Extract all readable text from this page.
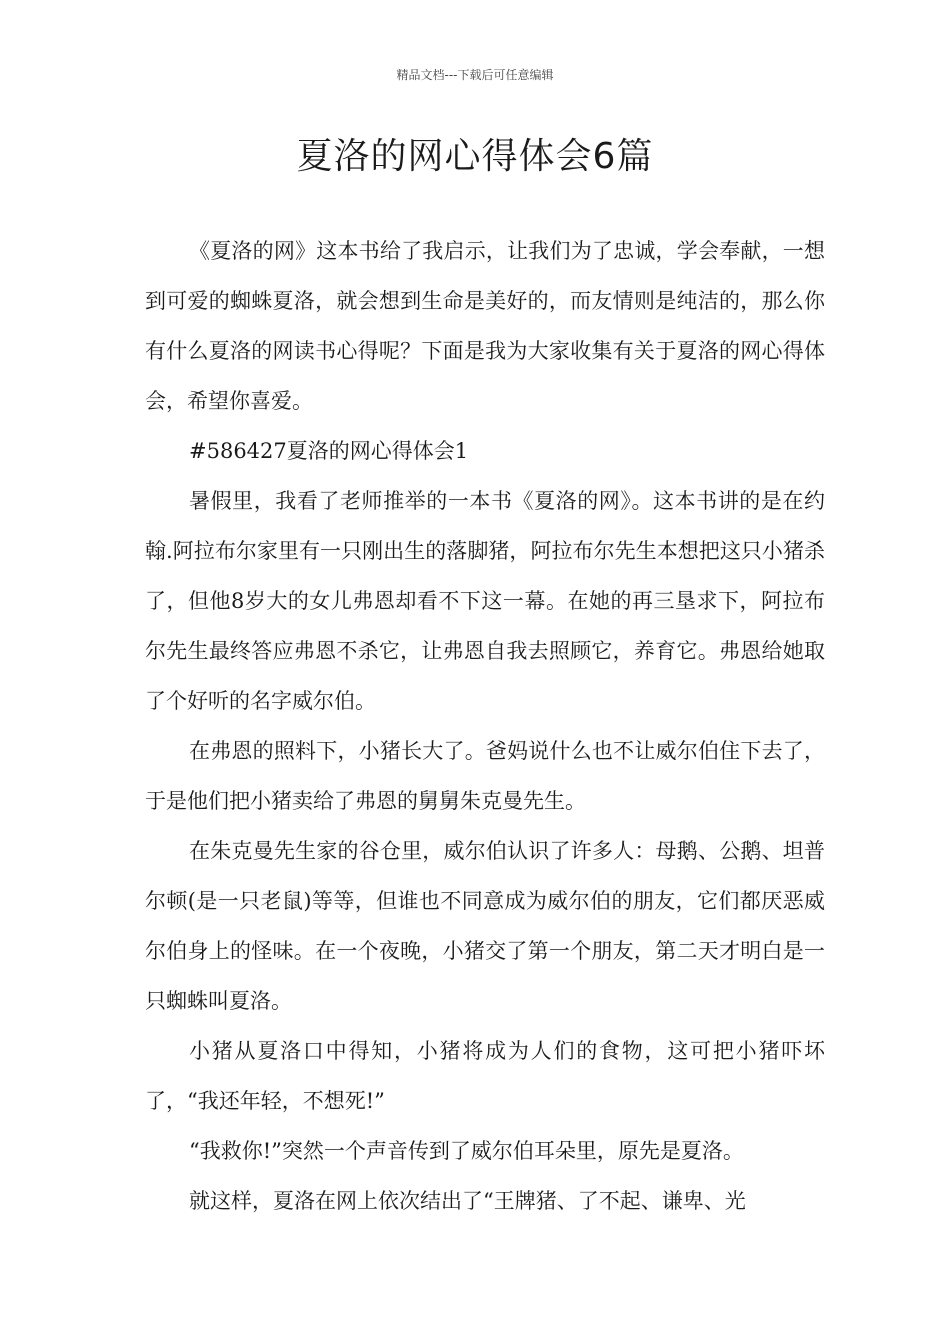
精品文档---下载后可任意编辑
夏洛的网心得体会6篇

《夏洛的网》这本书给了我启示，让我们为了忠诚，学会奉献，一想到可爱的蜘蛛夏洛，就会想到生命是美好的，而友情则是纯洁的，那么你有什么夏洛的网读书心得呢？下面是我为大家收集有关于夏洛的网心得体会，希望你喜爱。

#586427夏洛的网心得体会1

暑假里，我看了老师推举的一本书《夏洛的网》。这本书讲的是在约翰.阿拉布尔家里有一只刚出生的落脚猪，阿拉布尔先生本想把这只小猪杀了，但他8岁大的女儿弗恩却看不下这一幕。在她的再三垦求下，阿拉布尔先生最终答应弗恩不杀它，让弗恩自我去照顾它，养育它。弗恩给她取了个好听的名字威尔伯。

在弗恩的照料下，小猪长大了。爸妈说什么也不让威尔伯住下去了，于是他们把小猪卖给了弗恩的舅舅朱克曼先生。

在朱克曼先生家的谷仓里，威尔伯认识了许多人：母鹅、公鹅、坦普尔顿(是一只老鼠)等等，但谁也不同意成为威尔伯的朋友，它们都厌恶威尔伯身上的怪味。在一个夜晚，小猪交了第一个朋友，第二天才明白是一只蜘蛛叫夏洛。

小猪从夏洛口中得知，小猪将成为人们的食物，这可把小猪吓坏了，“我还年轻，不想死!”

“我救你!”突然一个声音传到了威尔伯耳朵里，原先是夏洛。

就这样，夏洛在网上依次结出了“王牌猪、了不起、谦卑、光
